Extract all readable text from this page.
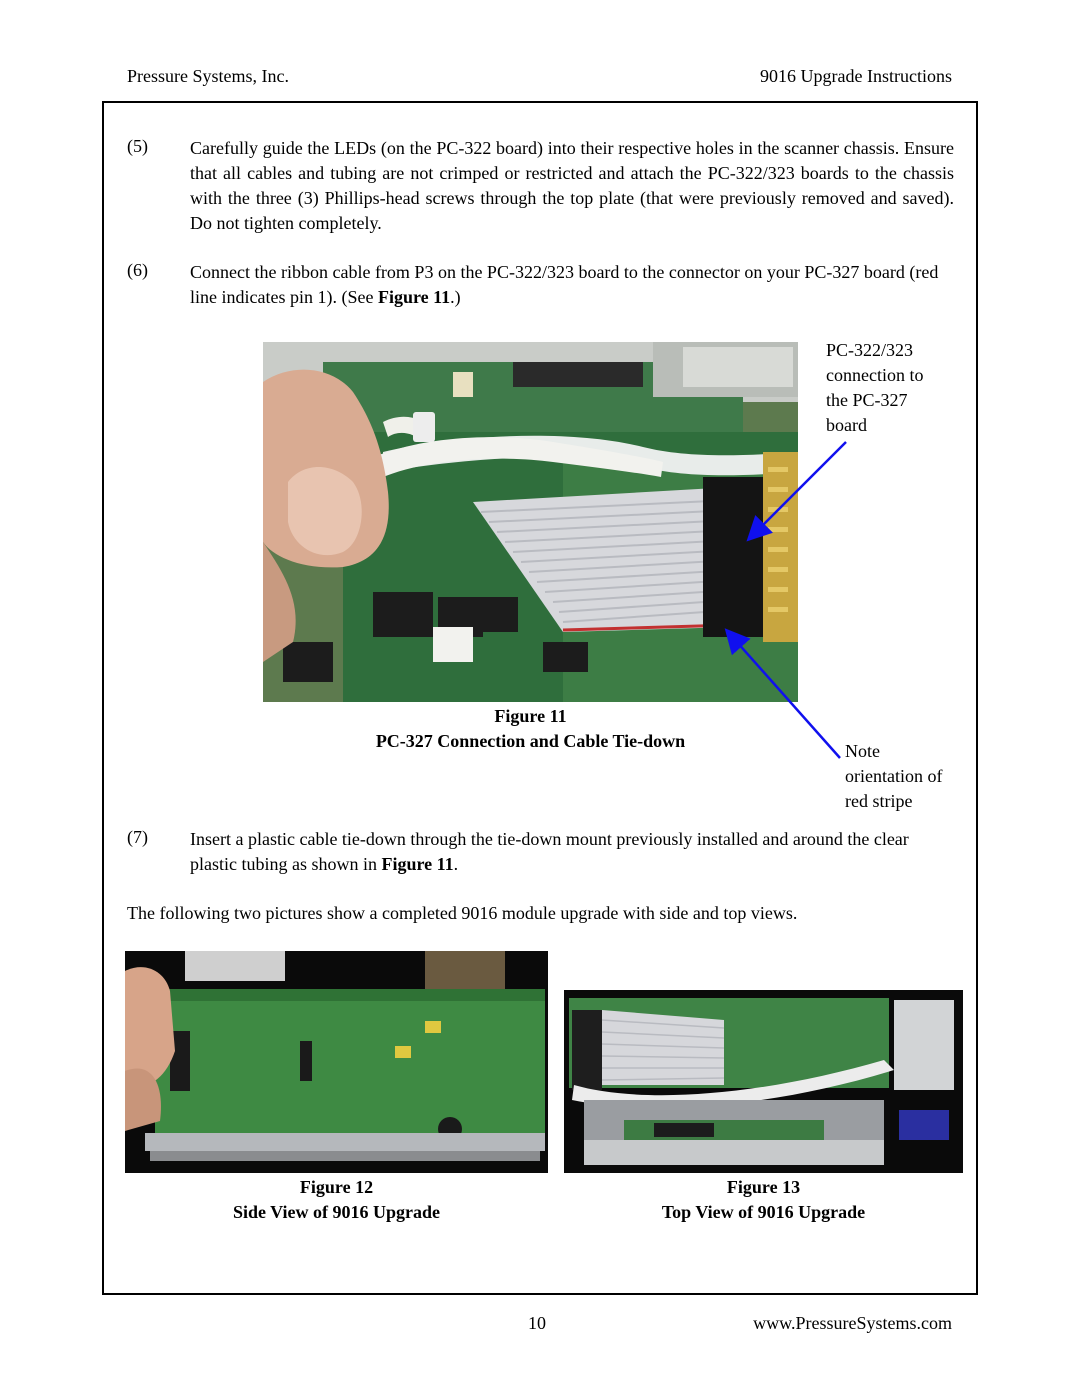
Pressure Systems, Inc.	9016 Upgrade Instructions
(5) Carefully guide the LEDs (on the PC-322 board) into their respective holes in the scanner chassis. Ensure that all cables and tubing are not crimped or restricted and attach the PC-322/323 boards to the chassis with the three (3) Phillips-head screws through the top plate (that were previously removed and saved). Do not tighten completely.
(6) Connect the ribbon cable from P3 on the PC-322/323 board to the connector on your PC-327 board (red line indicates pin 1). (See Figure 11.)
PC-322/323
connection to
the PC-327
board
Figure 11
PC-327 Connection and Cable Tie-down	Note
orientation of
red stripe
(7) Insert a plastic cable tie-down through the tie-down mount previously installed and around the clear plastic tubing as shown in Figure 11.
The following two pictures show a completed 9016 module upgrade with side and top views.
Figure 12
Side View of 9016 Upgrade
Figure 13
Top View of 9016 Upgrade
10	www.PressureSystems.com
